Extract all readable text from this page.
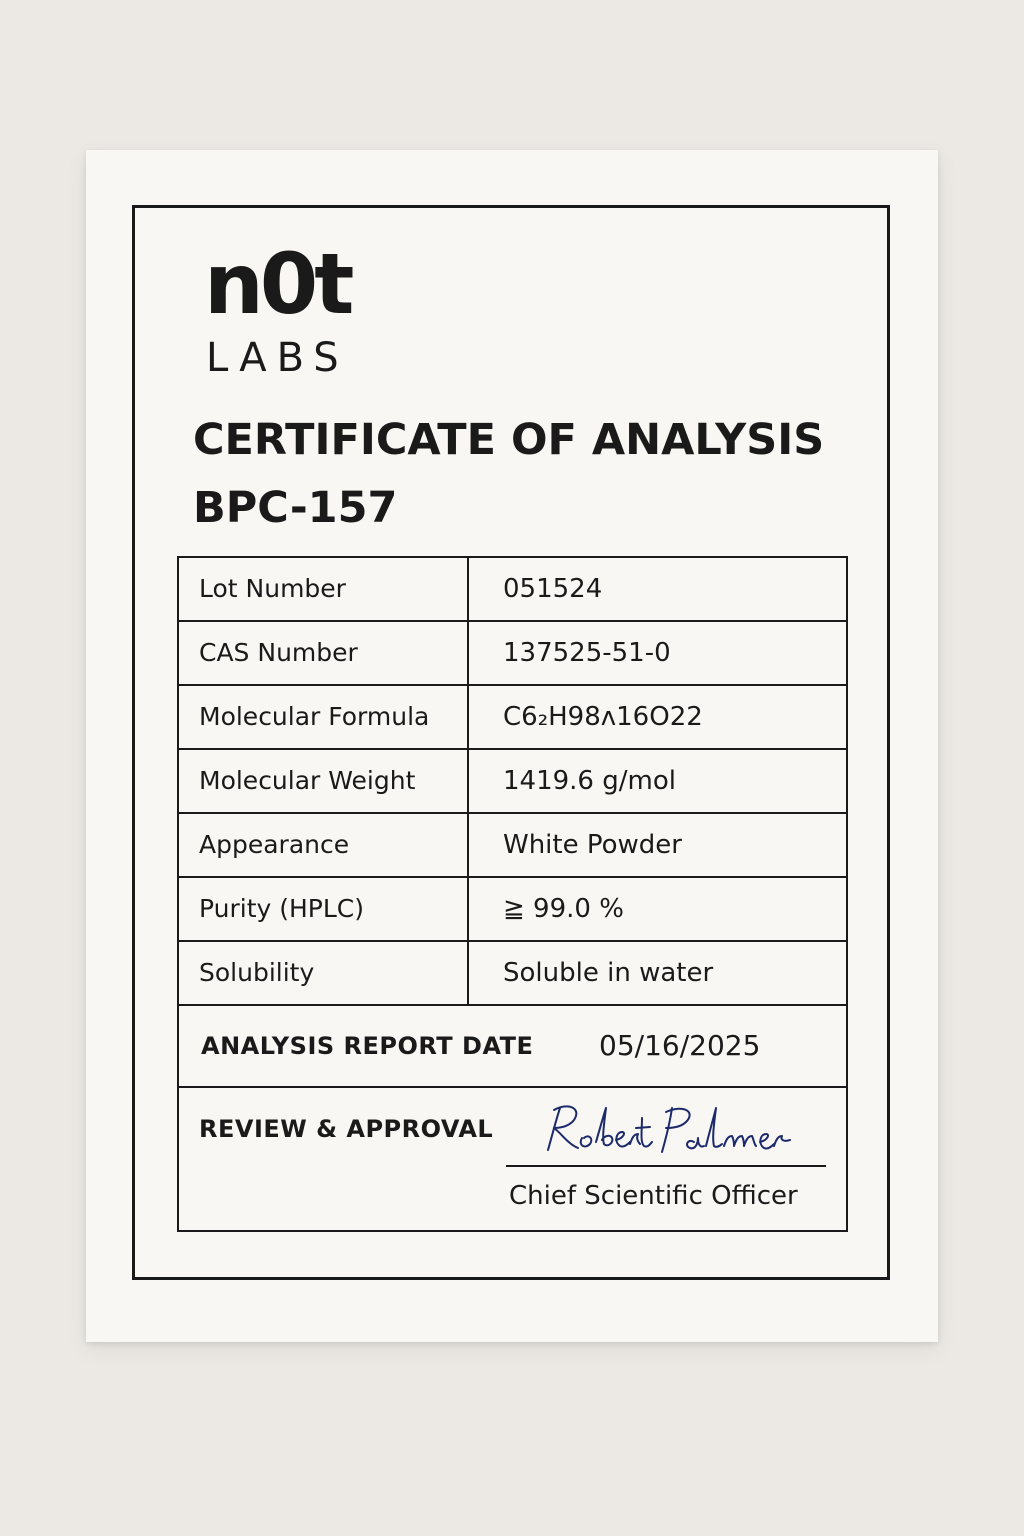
n0t
LABS
CERTIFICATE OF ANALYSIS
BPC-157
Lot Number	051524
CAS Number	137525-51-0
Molecular Formula	C6₂H98ʌ16O22
Molecular Weight	1419.6 g/mol
Appearance	White Powder
Purity (HPLC)	≧ 99.0 %
Solubility	Soluble in water
ANALYSIS REPORT DATE 05/16/2025
REVIEW & APPROVAL
Chief Scientific Officer
